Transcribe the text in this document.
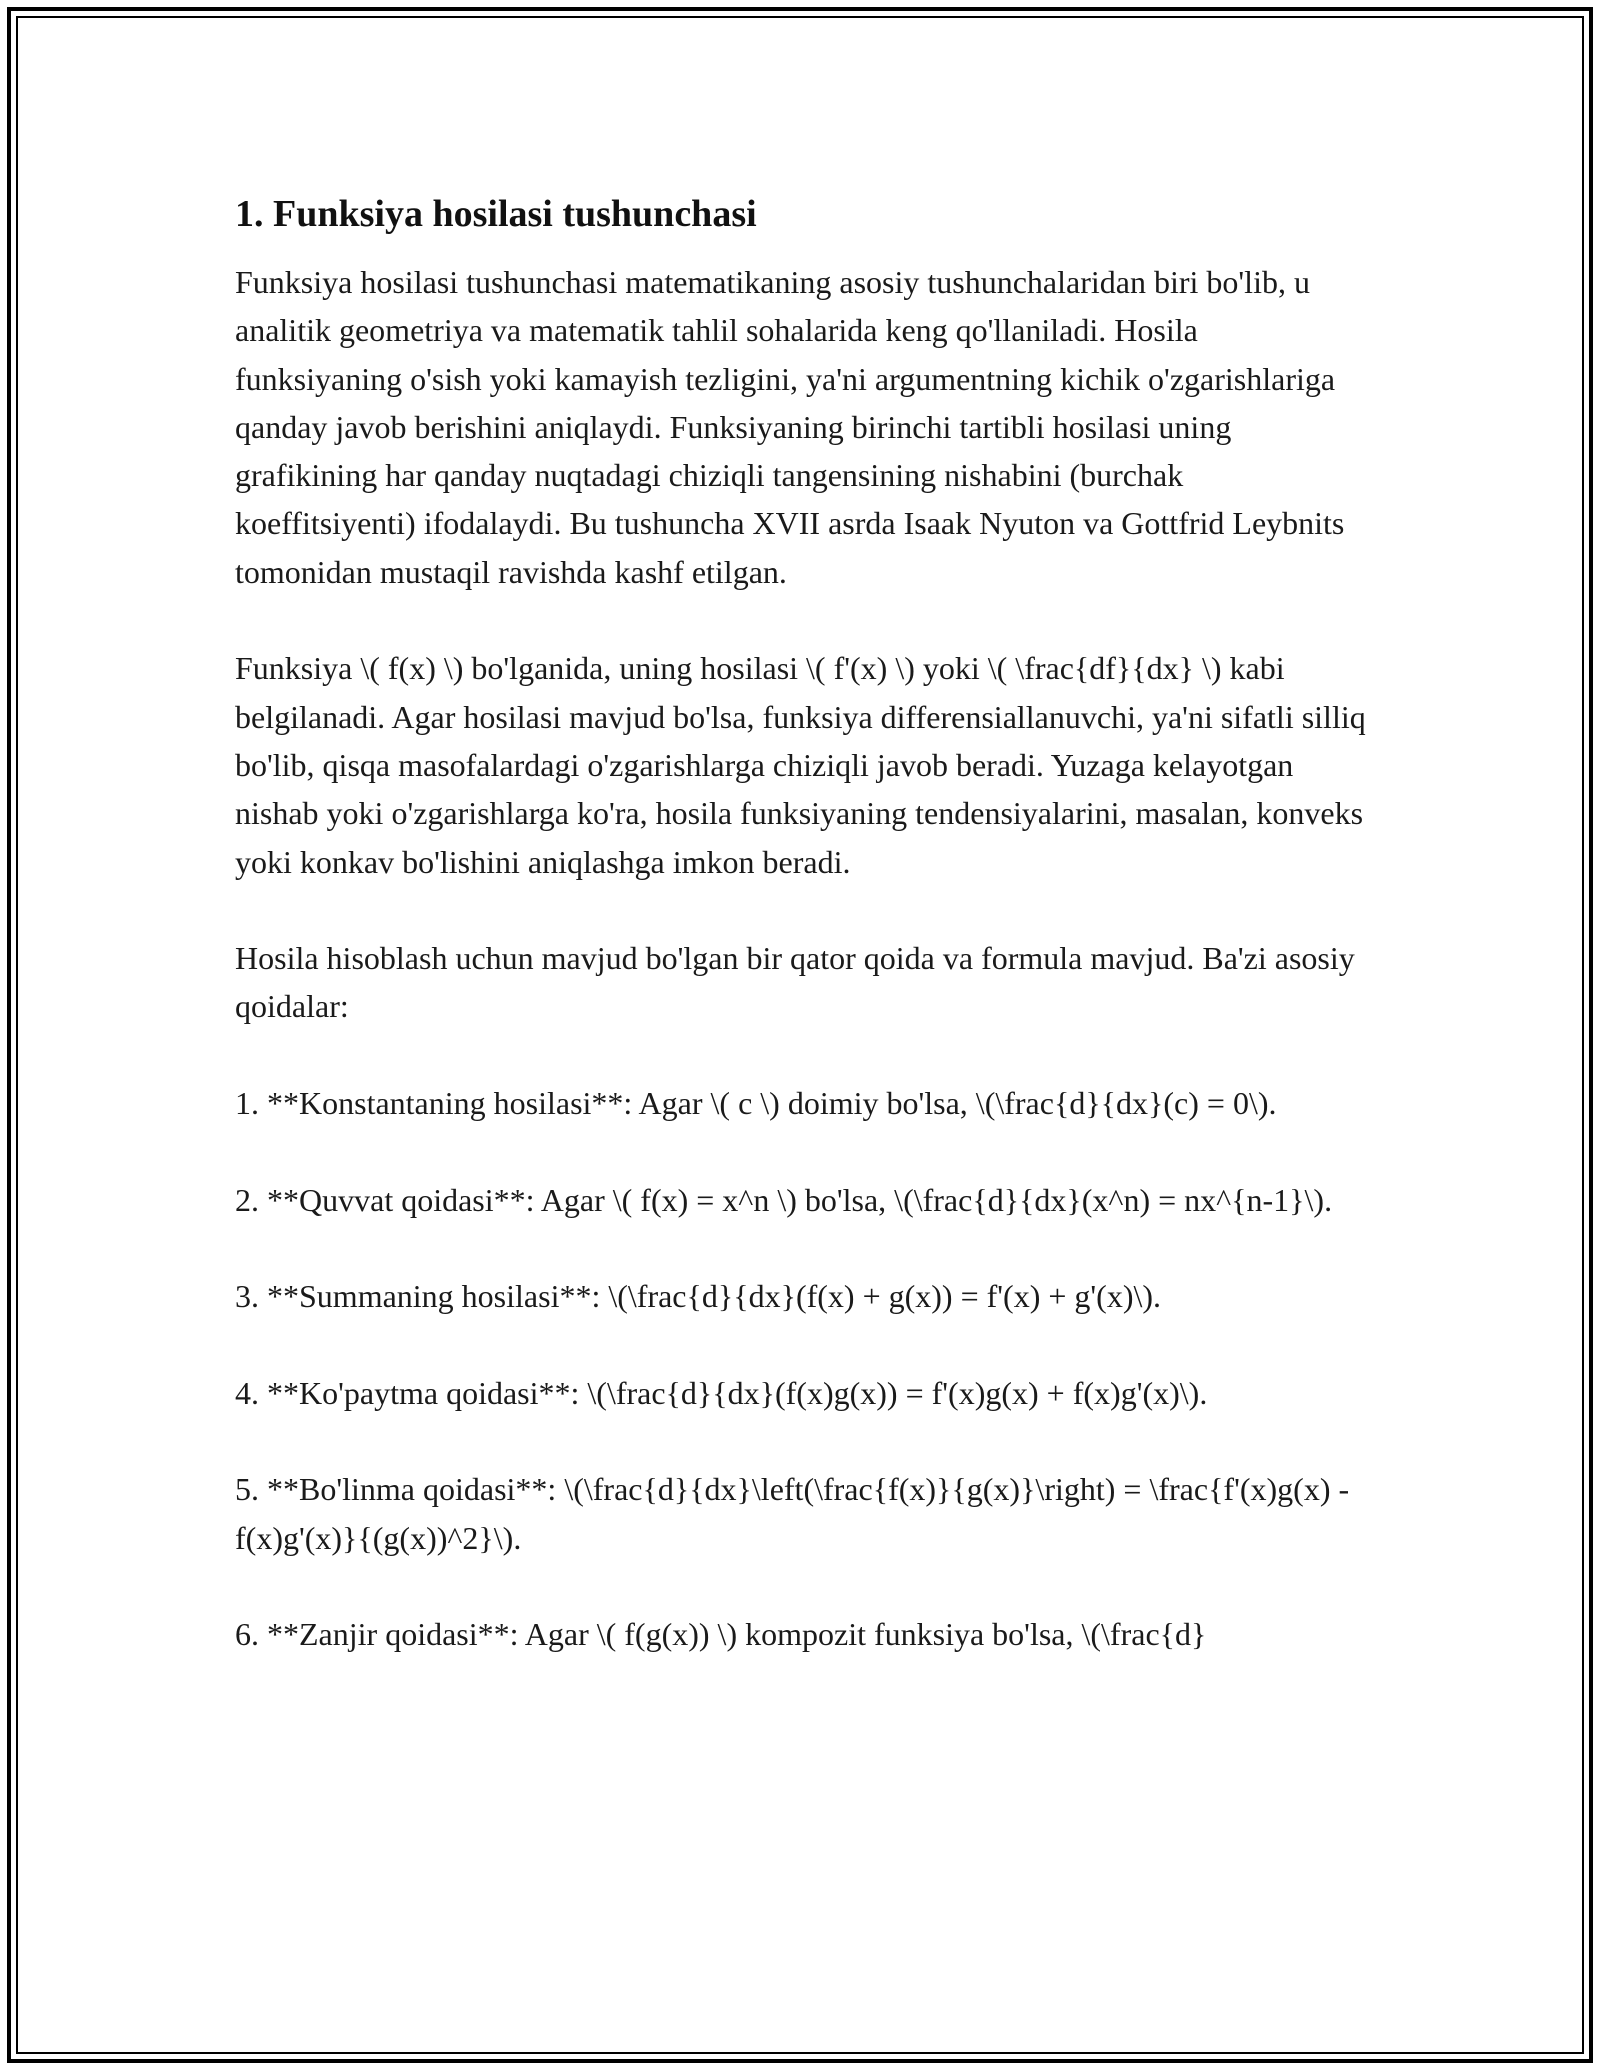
1. Funksiya hosilasi tushunchasi

Funksiya hosilasi tushunchasi matematikaning asosiy tushunchalaridan biri bo'lib, u analitik geometriya va matematik tahlil sohalarida keng qo'llaniladi. Hosila funksiyaning o'sish yoki kamayish tezligini, ya'ni argumentning kichik o'zgarishlariga qanday javob berishini aniqlaydi. Funksiyaning birinchi tartibli hosilasi uning grafikining har qanday nuqtadagi chiziqli tangensining nishabini (burchak koeffitsiyenti) ifodalaydi. Bu tushuncha XVII asrda Isaak Nyuton va Gottfrid Leybnits tomonidan mustaqil ravishda kashf etilgan.

Funksiya \( f(x) \) bo'lganida, uning hosilasi \( f'(x) \) yoki \( \frac{df}{dx} \) kabi belgilanadi. Agar hosilasi mavjud bo'lsa, funksiya differensiallanuvchi, ya'ni sifatli silliq bo'lib, qisqa masofalardagi o'zgarishlarga chiziqli javob beradi. Yuzaga kelayotgan nishab yoki o'zgarishlarga ko'ra, hosila funksiyaning tendensiyalarini, masalan, konveks yoki konkav bo'lishini aniqlashga imkon beradi.

Hosila hisoblash uchun mavjud bo'lgan bir qator qoida va formula mavjud. Ba'zi asosiy qoidalar:

1. **Konstantaning hosilasi**: Agar \( c \) doimiy bo'lsa, \(\frac{d}{dx}(c) = 0\).

2. **Quvvat qoidasi**: Agar \( f(x) = x^n \) bo'lsa, \(\frac{d}{dx}(x^n) = nx^{n-1}\).

3. **Summaning hosilasi**: \(\frac{d}{dx}(f(x) + g(x)) = f'(x) + g'(x)\).

4. **Ko'paytma qoidasi**: \(\frac{d}{dx}(f(x)g(x)) = f'(x)g(x) + f(x)g'(x)\).

5. **Bo'linma qoidasi**: \(\frac{d}{dx}\left(\frac{f(x)}{g(x)}\right) = \frac{f'(x)g(x) - f(x)g'(x)}{(g(x))^2}\).

6. **Zanjir qoidasi**: Agar \( f(g(x)) \) kompozit funksiya bo'lsa, \(\frac{d}
